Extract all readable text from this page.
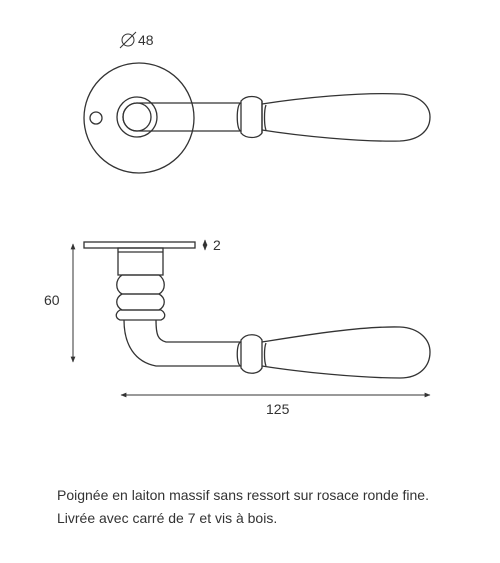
48
2
60
125

Poignée en laiton massif sans ressort sur rosace ronde fine.

Livrée avec carré de 7 et vis à bois.
